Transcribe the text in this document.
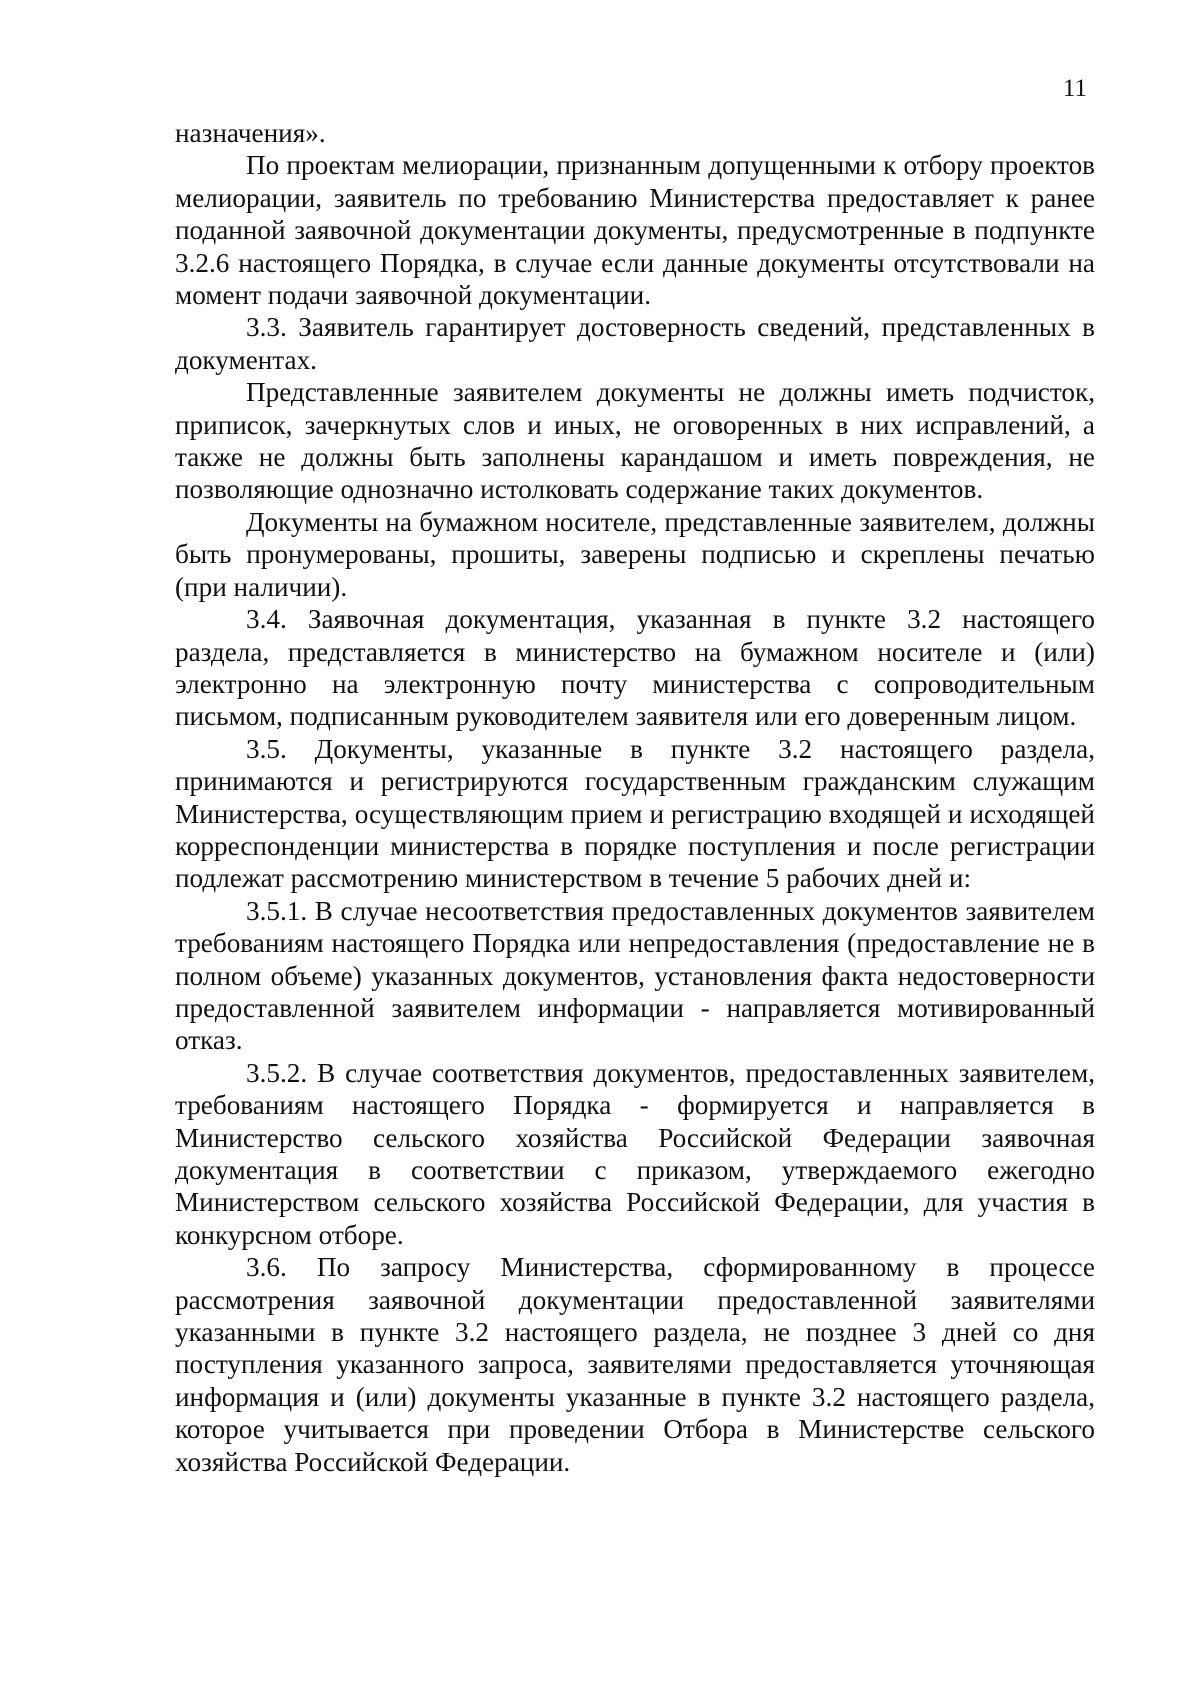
11

назначения».

По проектам мелиорации, признанным допущенными к отбору проектов мелиорации, заявитель по требованию Министерства предоставляет к ранее поданной заявочной документации документы, предусмотренные в подпункте 3.2.6 настоящего Порядка, в случае если данные документы отсутствовали на момент подачи заявочной документации.

3.3. Заявитель гарантирует достоверность сведений, представленных в документах.

Представленные заявителем документы не должны иметь подчисток, приписок, зачеркнутых слов и иных, не оговоренных в них исправлений, а также не должны быть заполнены карандашом и иметь повреждения, не позволяющие однозначно истолковать содержание таких документов.

Документы на бумажном носителе, представленные заявителем, должны быть пронумерованы, прошиты, заверены подписью и скреплены печатью (при наличии).

3.4. Заявочная документация, указанная в пункте 3.2 настоящего раздела, представляется в министерство на бумажном носителе и (или) электронно на электронную почту министерства с сопроводительным письмом, подписанным руководителем заявителя или его доверенным лицом.

3.5. Документы, указанные в пункте 3.2 настоящего раздела, принимаются и регистрируются государственным гражданским служащим Министерства, осуществляющим прием и регистрацию входящей и исходящей корреспонденции министерства в порядке поступления и после регистрации подлежат рассмотрению министерством в течение 5 рабочих дней и:

3.5.1. В случае несоответствия предоставленных документов заявителем требованиям настоящего Порядка или непредоставления (предоставление не в полном объеме) указанных документов, установления факта недостоверности предоставленной заявителем информации - направляется мотивированный отказ.

3.5.2. В случае соответствия документов, предоставленных заявителем, требованиям настоящего Порядка - формируется и направляется в Министерство сельского хозяйства Российской Федерации заявочная документация в соответствии с приказом, утверждаемого ежегодно Министерством сельского хозяйства Российской Федерации, для участия в конкурсном отборе.

3.6. По запросу Министерства, сформированному в процессе рассмотрения заявочной документации предоставленной заявителями указанными в пункте 3.2 настоящего раздела, не позднее 3 дней со дня поступления указанного запроса, заявителями предоставляется уточняющая информация и (или) документы указанные в пункте 3.2 настоящего раздела, которое учитывается при проведении Отбора в Министерстве сельского хозяйства Российской Федерации.
